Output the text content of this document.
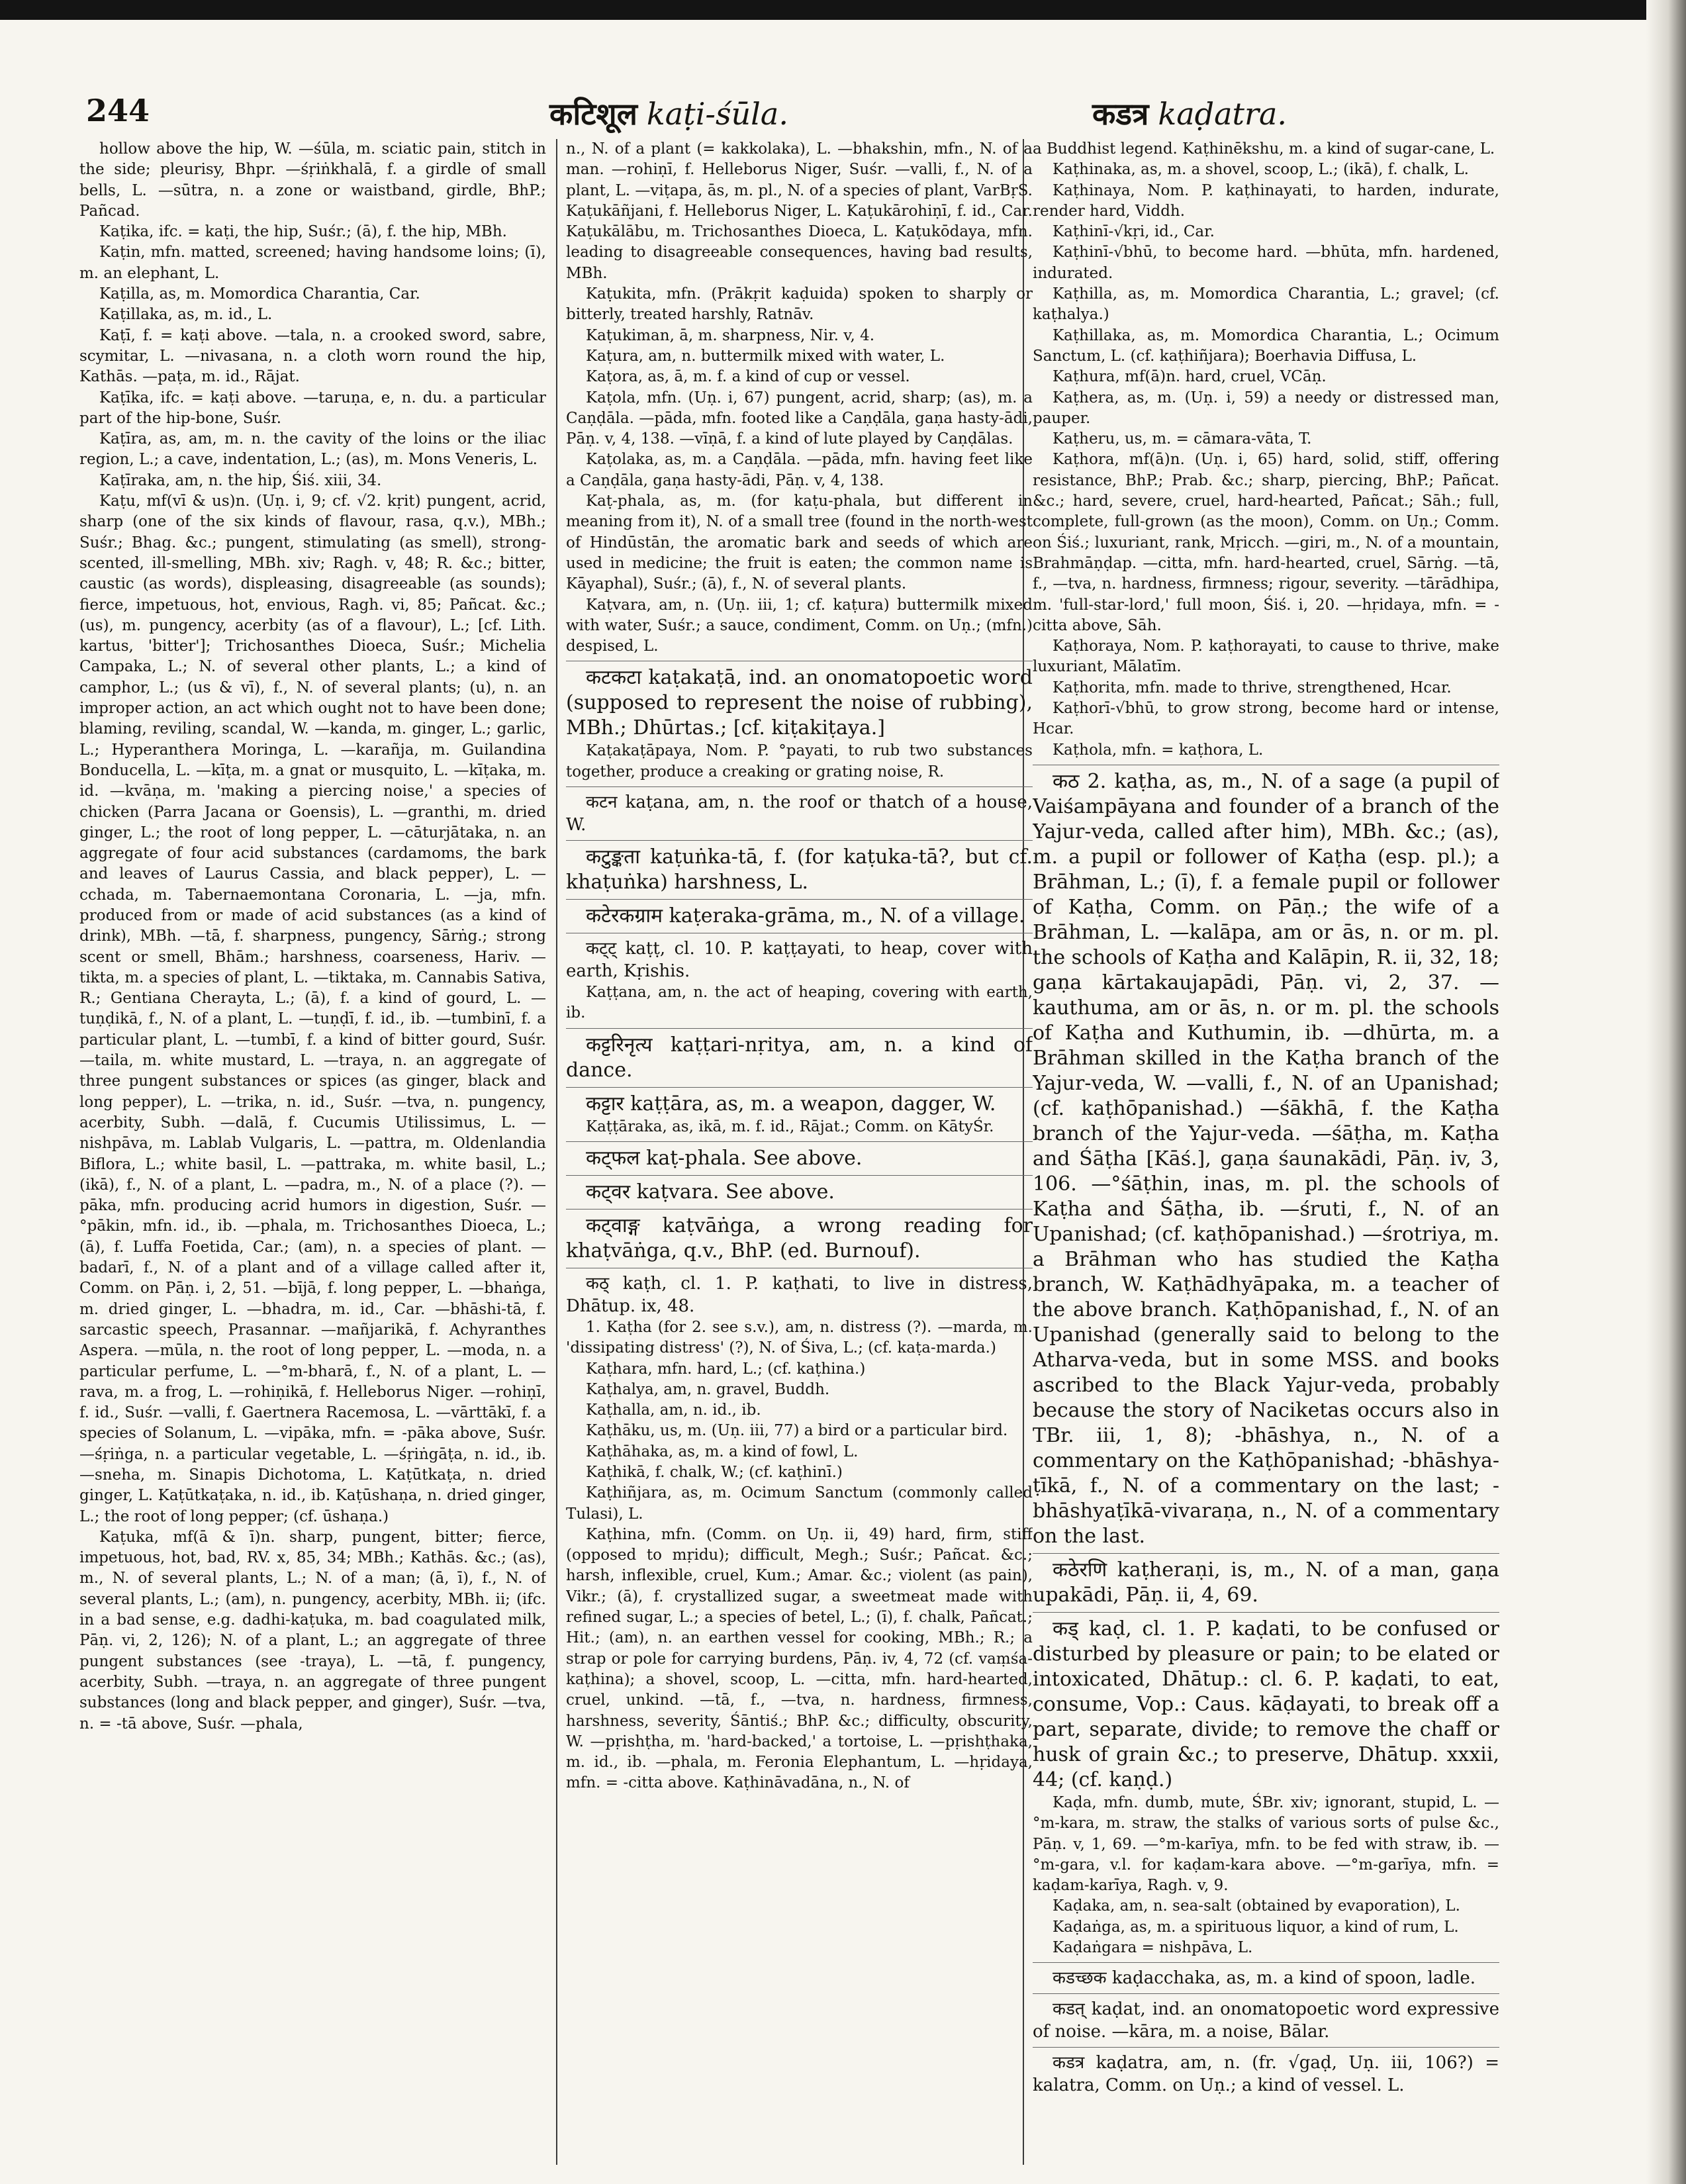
244	कटिशूल kaṭi-śūla.	कडत्र kaḍatra.

hollow above the hip, W. —śūla, m. sciatic pain, stitch in the side; pleurisy, Bhpr. —śṛiṅkhalā, f. a girdle of small bells, L. —sūtra, n. a zone or waistband, girdle, BhP.; Pañcad.

Kaṭika, ifc. = kaṭi, the hip, Suśr.; (ā), f. the hip, MBh.

Kaṭin, mfn. matted, screened; having handsome loins; (ī), m. an elephant, L.

Kaṭilla, as, m. Momordica Charantia, Car.

Kaṭillaka, as, m. id., L.

Kaṭī, f. = kaṭi above. —tala, n. a crooked sword, sabre, scymitar, L. —nivasana, n. a cloth worn round the hip, Kathās. —paṭa, m. id., Rājat.

Kaṭīka, ifc. = kaṭi above. —taruṇa, e, n. du. a particular part of the hip-bone, Suśr.

Kaṭīra, as, am, m. n. the cavity of the loins or the iliac region, L.; a cave, indentation, L.; (as), m. Mons Veneris, L.

Kaṭīraka, am, n. the hip, Śiś. xiii, 34.

Kaṭu, mf(vī & us)n. (Uṇ. i, 9; cf. √2. kṛit) pungent, acrid, sharp (one of the six kinds of flavour, rasa, q.v.), MBh.; Suśr.; Bhag. &c.; pungent, stimulating (as smell), strong-scented, ill-smelling, MBh. xiv; Ragh. v, 48; R. &c.; bitter, caustic (as words), displeasing, disagreeable (as sounds); fierce, impetuous, hot, envious, Ragh. vi, 85; Pañcat. &c.; (us), m. pungency, acerbity (as of a flavour), L.; [cf. Lith. kartus, 'bitter']; Trichosanthes Dioeca, Suśr.; Michelia Campaka, L.; N. of several other plants, L.; a kind of camphor, L.; (us & vī), f., N. of several plants; (u), n. an improper action, an act which ought not to have been done; blaming, reviling, scandal, W. —kanda, m. ginger, L.; garlic, L.; Hyperanthera Moringa, L. —karañja, m. Guilandina Bonducella, L. —kīṭa, m. a gnat or musquito, L. —kīṭaka, m. id. —kvāṇa, m. 'making a piercing noise,' a species of chicken (Parra Jacana or Goensis), L. —granthi, m. dried ginger, L.; the root of long pepper, L. —cāturjātaka, n. an aggregate of four acid substances (cardamoms, the bark and leaves of Laurus Cassia, and black pepper), L. —cchada, m. Tabernaemontana Coronaria, L. —ja, mfn. produced from or made of acid substances (as a kind of drink), MBh. —tā, f. sharpness, pungency, Sārṅg.; strong scent or smell, Bhām.; harshness, coarseness, Hariv. —tikta, m. a species of plant, L. —tiktaka, m. Cannabis Sativa, R.; Gentiana Cherayta, L.; (ā), f. a kind of gourd, L. —tuṇḍikā, f., N. of a plant, L. —tuṇḍī, f. id., ib. —tumbinī, f. a particular plant, L. —tumbī, f. a kind of bitter gourd, Suśr. —taila, m. white mustard, L. —traya, n. an aggregate of three pungent substances or spices (as ginger, black and long pepper), L. —trika, n. id., Suśr. —tva, n. pungency, acerbity, Subh. —dalā, f. Cucumis Utilissimus, L. —nishpāva, m. Lablab Vulgaris, L. —pattra, m. Oldenlandia Biflora, L.; white basil, L. —pattraka, m. white basil, L.; (ikā), f., N. of a plant, L. —padra, m., N. of a place (?). —pāka, mfn. producing acrid humors in digestion, Suśr. —°pākin, mfn. id., ib. —phala, m. Trichosanthes Dioeca, L.; (ā), f. Luffa Foetida, Car.; (am), n. a species of plant. —badarī, f., N. of a plant and of a village called after it, Comm. on Pāṇ. i, 2, 51. —bījā, f. long pepper, L. —bhaṅga, m. dried ginger, L. —bhadra, m. id., Car. —bhāshi-tā, f. sarcastic speech, Prasannar. —mañjarikā, f. Achyranthes Aspera. —mūla, n. the root of long pepper, L. —moda, n. a particular perfume, L. —°m-bharā, f., N. of a plant, L. —rava, m. a frog, L. —rohiṇikā, f. Helleborus Niger. —rohiṇī, f. id., Suśr. —valli, f. Gaertnera Racemosa, L. —vārttākī, f. a species of Solanum, L. —vipāka, mfn. = -pāka above, Suśr. —śṛiṅga, n. a particular vegetable, L. —śṛiṅgāṭa, n. id., ib. —sneha, m. Sinapis Dichotoma, L. Kaṭūtkaṭa, n. dried ginger, L. Kaṭūtkaṭaka, n. id., ib. Kaṭūshaṇa, n. dried ginger, L.; the root of long pepper; (cf. ūshaṇa.)

Kaṭuka, mf(ā & ī)n. sharp, pungent, bitter; fierce, impetuous, hot, bad, RV. x, 85, 34; MBh.; Kathās. &c.; (as), m., N. of several plants, L.; N. of a man; (ā, ī), f., N. of several plants, L.; (am), n. pungency, acerbity, MBh. ii; (ifc. in a bad sense, e.g. dadhi-kaṭuka, m. bad coagulated milk, Pāṇ. vi, 2, 126); N. of a plant, L.; an aggregate of three pungent substances (see -traya), L. —tā, f. pungency, acerbity, Subh. —traya, n. an aggregate of three pungent substances (long and black pepper, and ginger), Suśr. —tva, n. = -tā above, Suśr. —phala,

n., N. of a plant (= kakkolaka), L. —bhakshin, mfn., N. of a man. —rohiṇī, f. Helleborus Niger, Suśr. —valli, f., N. of a plant, L. —viṭapa, ās, m. pl., N. of a species of plant, VarBṛS. Kaṭukāñjani, f. Helleborus Niger, L. Kaṭukārohiṇī, f. id., Car. Kaṭukālābu, m. Trichosanthes Dioeca, L. Kaṭukōdaya, mfn. leading to disagreeable consequences, having bad results, MBh.

Kaṭukita, mfn. (Prākṛit kaḍuida) spoken to sharply or bitterly, treated harshly, Ratnāv.

Kaṭukiman, ā, m. sharpness, Nir. v, 4.

Kaṭura, am, n. buttermilk mixed with water, L.

Kaṭora, as, ā, m. f. a kind of cup or vessel.

Kaṭola, mfn. (Uṇ. i, 67) pungent, acrid, sharp; (as), m. a Caṇḍāla. —pāda, mfn. footed like a Caṇḍāla, gaṇa hasty-ādi, Pāṇ. v, 4, 138. —vīṇā, f. a kind of lute played by Caṇḍālas.

Kaṭolaka, as, m. a Caṇḍāla. —pāda, mfn. having feet like a Caṇḍāla, gaṇa hasty-ādi, Pāṇ. v, 4, 138.

Kaṭ-phala, as, m. (for kaṭu-phala, but different in meaning from it), N. of a small tree (found in the north-west of Hindūstān, the aromatic bark and seeds of which are used in medicine; the fruit is eaten; the common name is Kāyaphal), Suśr.; (ā), f., N. of several plants.

Kaṭvara, am, n. (Uṇ. iii, 1; cf. kaṭura) buttermilk mixed with water, Suśr.; a sauce, condiment, Comm. on Uṇ.; (mfn.) despised, L.

कटकटा kaṭakaṭā, ind. an onomatopoetic word (supposed to represent the noise of rubbing), MBh.; Dhūrtas.; [cf. kiṭakiṭaya.]

Kaṭakaṭāpaya, Nom. P. °payati, to rub two substances together, produce a creaking or grating noise, R.

कटन kaṭana, am, n. the roof or thatch of a house, W.

कटुङ्कता kaṭuṅka-tā, f. (for kaṭuka-tā?, but cf. khaṭuṅka) harshness, L.

कटेरकग्राम kaṭeraka-grāma, m., N. of a village.

कट्ट् kaṭṭ, cl. 10. P. kaṭṭayati, to heap, cover with earth, Kṛishis.

Kaṭṭana, am, n. the act of heaping, covering with earth, ib.

कट्टरिनृत्य kaṭṭari-nṛitya, am, n. a kind of dance.

कट्टार kaṭṭāra, as, m. a weapon, dagger, W.

Kaṭṭāraka, as, ikā, m. f. id., Rājat.; Comm. on KātyŚr.

कट्फल kaṭ-phala. See above.

कट्वर kaṭvara. See above.

कट्वाङ्ग kaṭvāṅga, a wrong reading for khaṭvāṅga, q.v., BhP. (ed. Burnouf).

कठ् kaṭh, cl. 1. P. kaṭhati, to live in distress, Dhātup. ix, 48.

1. Kaṭha (for 2. see s.v.), am, n. distress (?). —marda, m. 'dissipating distress' (?), N. of Śiva, L.; (cf. kaṭa-marda.)

Kaṭhara, mfn. hard, L.; (cf. kaṭhina.)

Kaṭhalya, am, n. gravel, Buddh.

Kaṭhalla, am, n. id., ib.

Kaṭhāku, us, m. (Uṇ. iii, 77) a bird or a particular bird.

Kaṭhāhaka, as, m. a kind of fowl, L.

Kaṭhikā, f. chalk, W.; (cf. kaṭhinī.)

Kaṭhiñjara, as, m. Ocimum Sanctum (commonly called Tulasi), L.

Kaṭhina, mfn. (Comm. on Uṇ. ii, 49) hard, firm, stiff (opposed to mṛidu); difficult, Megh.; Suśr.; Pañcat. &c.; harsh, inflexible, cruel, Kum.; Amar. &c.; violent (as pain), Vikr.; (ā), f. crystallized sugar, a sweetmeat made with refined sugar, L.; a species of betel, L.; (ī), f. chalk, Pañcat.; Hit.; (am), n. an earthen vessel for cooking, MBh.; R.; a strap or pole for carrying burdens, Pāṇ. iv, 4, 72 (cf. vaṃśa-kaṭhina); a shovel, scoop, L. —citta, mfn. hard-hearted, cruel, unkind. —tā, f., —tva, n. hardness, firmness, harshness, severity, Śāntiś.; BhP. &c.; difficulty, obscurity, W. —pṛishṭha, m. 'hard-backed,' a tortoise, L. —pṛishṭhaka, m. id., ib. —phala, m. Feronia Elephantum, L. —hṛidaya, mfn. = -citta above. Kaṭhināvadāna, n., N. of

a Buddhist legend. Kaṭhinēkshu, m. a kind of sugar-cane, L.

Kaṭhinaka, as, m. a shovel, scoop, L.; (ikā), f. chalk, L.

Kaṭhinaya, Nom. P. kaṭhinayati, to harden, indurate, render hard, Viddh.

Kaṭhinī-√kṛi, id., Car.

Kaṭhinī-√bhū, to become hard. —bhūta, mfn. hardened, indurated.

Kaṭhilla, as, m. Momordica Charantia, L.; gravel; (cf. kaṭhalya.)

Kaṭhillaka, as, m. Momordica Charantia, L.; Ocimum Sanctum, L. (cf. kaṭhiñjara); Boerhavia Diffusa, L.

Kaṭhura, mf(ā)n. hard, cruel, VCāṇ.

Kaṭhera, as, m. (Uṇ. i, 59) a needy or distressed man, pauper.

Kaṭheru, us, m. = cāmara-vāta, T.

Kaṭhora, mf(ā)n. (Uṇ. i, 65) hard, solid, stiff, offering resistance, BhP.; Prab. &c.; sharp, piercing, BhP.; Pañcat. &c.; hard, severe, cruel, hard-hearted, Pañcat.; Sāh.; full, complete, full-grown (as the moon), Comm. on Uṇ.; Comm. on Śiś.; luxuriant, rank, Mṛicch. —giri, m., N. of a mountain, Brahmāṇḍap. —citta, mfn. hard-hearted, cruel, Sārṅg. —tā, f., —tva, n. hardness, firmness; rigour, severity. —tārādhipa, m. 'full-star-lord,' full moon, Śiś. i, 20. —hṛidaya, mfn. = -citta above, Sāh.

Kaṭhoraya, Nom. P. kaṭhorayati, to cause to thrive, make luxuriant, Mālatīm.

Kaṭhorita, mfn. made to thrive, strengthened, Hcar.

Kaṭhorī-√bhū, to grow strong, become hard or intense, Hcar.

Kaṭhola, mfn. = kaṭhora, L.

कठ 2. kaṭha, as, m., N. of a sage (a pupil of Vaiśampāyana and founder of a branch of the Yajur-veda, called after him), MBh. &c.; (as), m. a pupil or follower of Kaṭha (esp. pl.); a Brāhman, L.; (ī), f. a female pupil or follower of Kaṭha, Comm. on Pāṇ.; the wife of a Brāhman, L. —kalāpa, am or ās, n. or m. pl. the schools of Kaṭha and Kalāpin, R. ii, 32, 18; gaṇa kārtakaujapādi, Pāṇ. vi, 2, 37. —kauthuma, am or ās, n. or m. pl. the schools of Kaṭha and Kuthumin, ib. —dhūrta, m. a Brāhman skilled in the Kaṭha branch of the Yajur-veda, W. —valli, f., N. of an Upanishad; (cf. kaṭhōpanishad.) —śākhā, f. the Kaṭha branch of the Yajur-veda. —śāṭha, m. Kaṭha and Śāṭha [Kāś.], gaṇa śaunakādi, Pāṇ. iv, 3, 106. —°śāṭhin, inas, m. pl. the schools of Kaṭha and Śāṭha, ib. —śruti, f., N. of an Upanishad; (cf. kaṭhōpanishad.) —śrotriya, m. a Brāhman who has studied the Kaṭha branch, W. Kaṭhādhyāpaka, m. a teacher of the above branch. Kaṭhōpanishad, f., N. of an Upanishad (generally said to belong to the Atharva-veda, but in some MSS. and books ascribed to the Black Yajur-veda, probably because the story of Naciketas occurs also in TBr. iii, 1, 8); -bhāshya, n., N. of a commentary on the Kaṭhōpanishad; -bhāshya-ṭīkā, f., N. of a commentary on the last; -bhāshyaṭīkā-vivaraṇa, n., N. of a commentary on the last.

कठेरणि kaṭheraṇi, is, m., N. of a man, gaṇa upakādi, Pāṇ. ii, 4, 69.

कड् kaḍ, cl. 1. P. kaḍati, to be confused or disturbed by pleasure or pain; to be elated or intoxicated, Dhātup.: cl. 6. P. kaḍati, to eat, consume, Vop.: Caus. kāḍayati, to break off a part, separate, divide; to remove the chaff or husk of grain &c.; to preserve, Dhātup. xxxii, 44; (cf. kaṇḍ.)

Kaḍa, mfn. dumb, mute, ŚBr. xiv; ignorant, stupid, L. —°m-kara, m. straw, the stalks of various sorts of pulse &c., Pāṇ. v, 1, 69. —°m-karīya, mfn. to be fed with straw, ib. —°m-gara, v.l. for kaḍam-kara above. —°m-garīya, mfn. = kaḍam-karīya, Ragh. v, 9.

Kaḍaka, am, n. sea-salt (obtained by evaporation), L.

Kaḍaṅga, as, m. a spirituous liquor, a kind of rum, L.

Kaḍaṅgara = nishpāva, L.

कडच्छक kaḍacchaka, as, m. a kind of spoon, ladle.

कडत् kaḍat, ind. an onomatopoetic word expressive of noise. —kāra, m. a noise, Bālar.

कडत्र kaḍatra, am, n. (fr. √gaḍ, Uṇ. iii, 106?) = kalatra, Comm. on Uṇ.; a kind of vessel. L.
